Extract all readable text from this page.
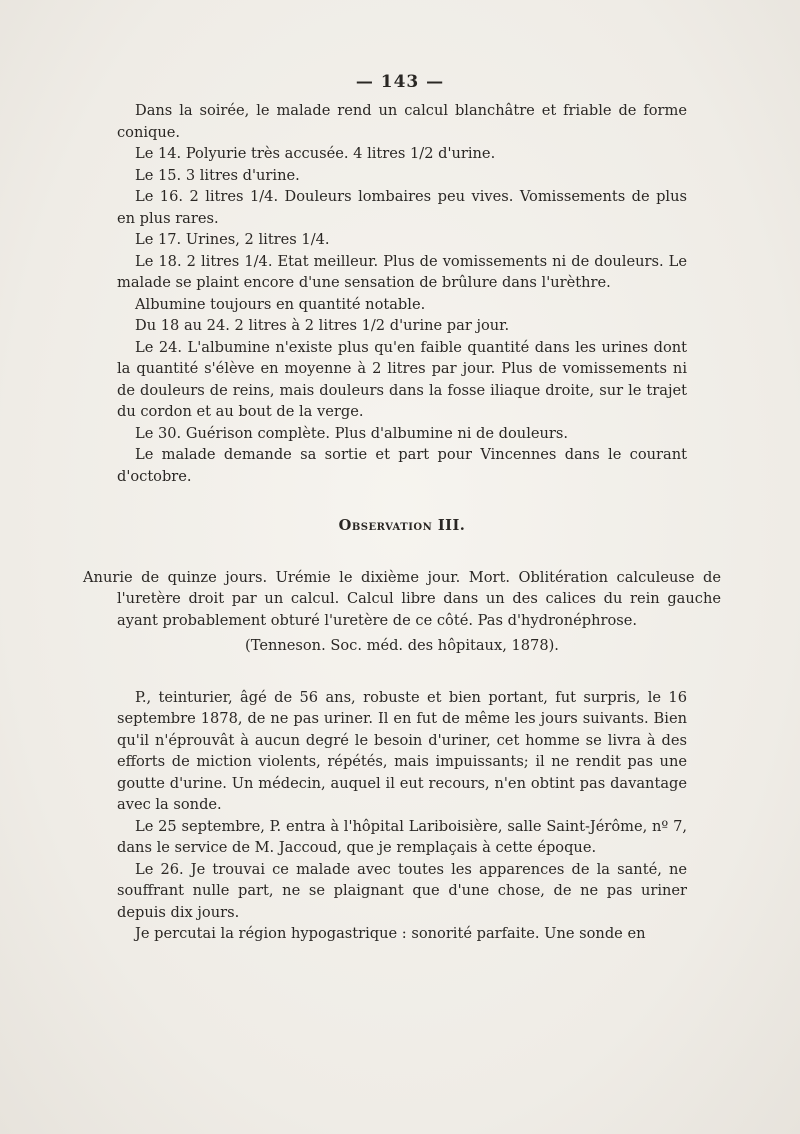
— 143 —

Dans la soirée, le malade rend un calcul blanchâtre et friable de forme conique.

Le 14. Polyurie très accusée. 4 litres 1/2 d'urine.

Le 15. 3 litres d'urine.

Le 16. 2 litres 1/4. Douleurs lombaires peu vives. Vomissements de plus en plus rares.

Le 17. Urines, 2 litres 1/4.

Le 18. 2 litres 1/4. Etat meilleur. Plus de vomissements ni de douleurs. Le malade se plaint encore d'une sensation de brûlure dans l'urèthre.

Albumine toujours en quantité notable.

Du 18 au 24. 2 litres à 2 litres 1/2 d'urine par jour.

Le 24. L'albumine n'existe plus qu'en faible quantité dans les urines dont la quantité s'élève en moyenne à 2 litres par jour. Plus de vomissements ni de douleurs de reins, mais douleurs dans la fosse iliaque droite, sur le trajet du cordon et au bout de la verge.

Le 30. Guérison complète. Plus d'albumine ni de douleurs.

Le malade demande sa sortie et part pour Vincennes dans le courant d'octobre.

Observation III.

Anurie de quinze jours. Urémie le dixième jour. Mort. Oblitération calculeuse de l'uretère droit par un calcul. Calcul libre dans un des calices du rein gauche ayant probablement obturé l'uretère de ce côté. Pas d'hydronéphrose.

(Tenneson. Soc. méd. des hôpitaux, 1878).

P., teinturier, âgé de 56 ans, robuste et bien portant, fut surpris, le 16 septembre 1878, de ne pas uriner. Il en fut de même les jours suivants. Bien qu'il n'éprouvât à aucun degré le besoin d'uriner, cet homme se livra à des efforts de miction violents, répétés, mais impuissants; il ne rendit pas une goutte d'urine. Un médecin, auquel il eut recours, n'en obtint pas davantage avec la sonde.

Le 25 septembre, P. entra à l'hôpital Lariboisière, salle Saint-Jérôme, nº 7, dans le service de M. Jaccoud, que je remplaçais à cette époque.

Le 26. Je trouvai ce malade avec toutes les apparences de la santé, ne souffrant nulle part, ne se plaignant que d'une chose, de ne pas uriner depuis dix jours.

Je percutai la région hypogastrique : sonorité parfaite. Une sonde en
